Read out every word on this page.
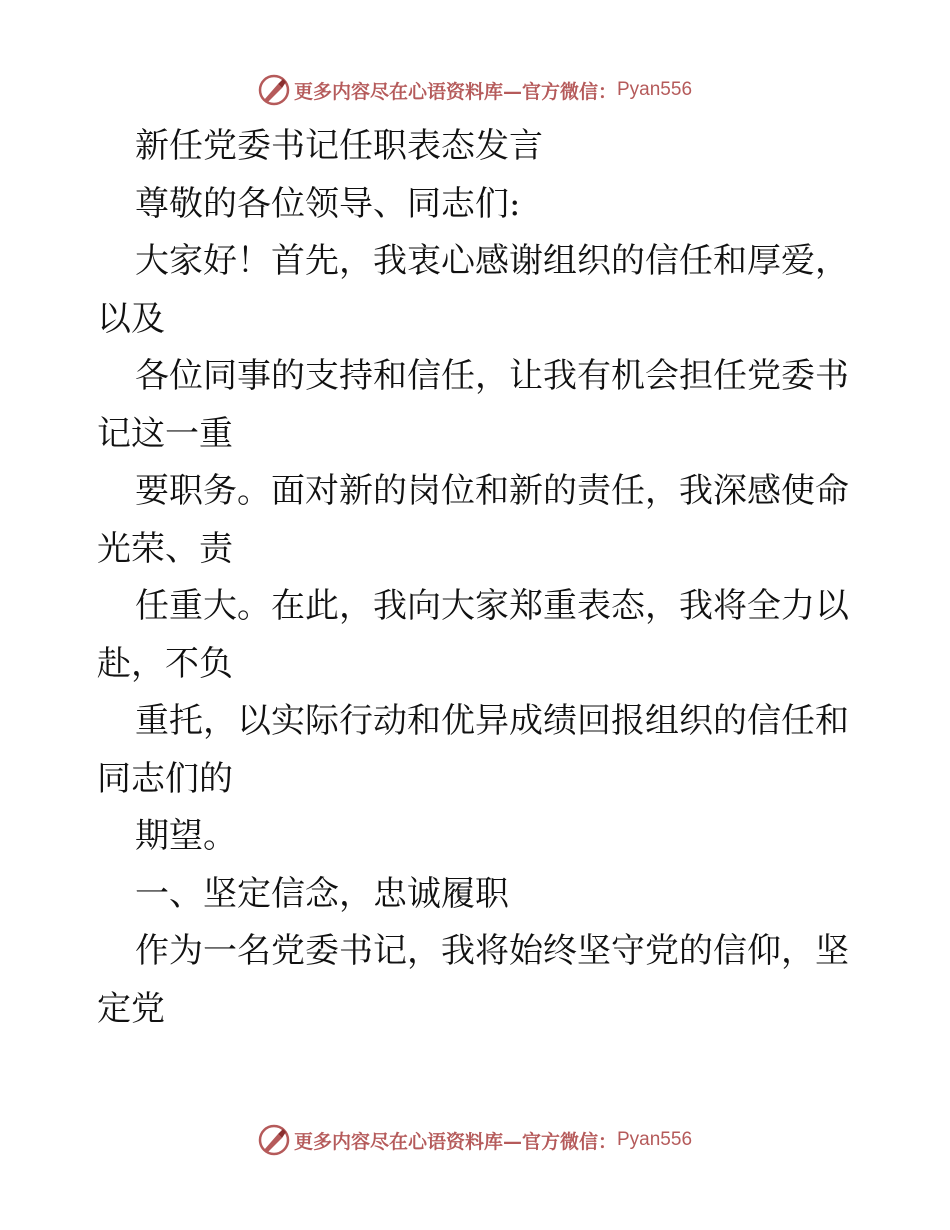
更多内容尽在心语资料库—官方微信： Pyan556
新任党委书记任职表态发言
尊敬的各位领导、同志们:
大家好！首先，我衷心感谢组织的信任和厚爱，
以及
各位同事的支持和信任，让我有机会担任党委书
记这一重
要职务。面对新的岗位和新的责任，我深感使命
光荣、责
任重大。在此，我向大家郑重表态，我将全力以
赴，不负
重托，以实际行动和优异成绩回报组织的信任和
同志们的
期望。
一、坚定信念，忠诚履职
作为一名党委书记，我将始终坚守党的信仰，坚
定党
更多内容尽在心语资料库—官方微信： Pyan556
